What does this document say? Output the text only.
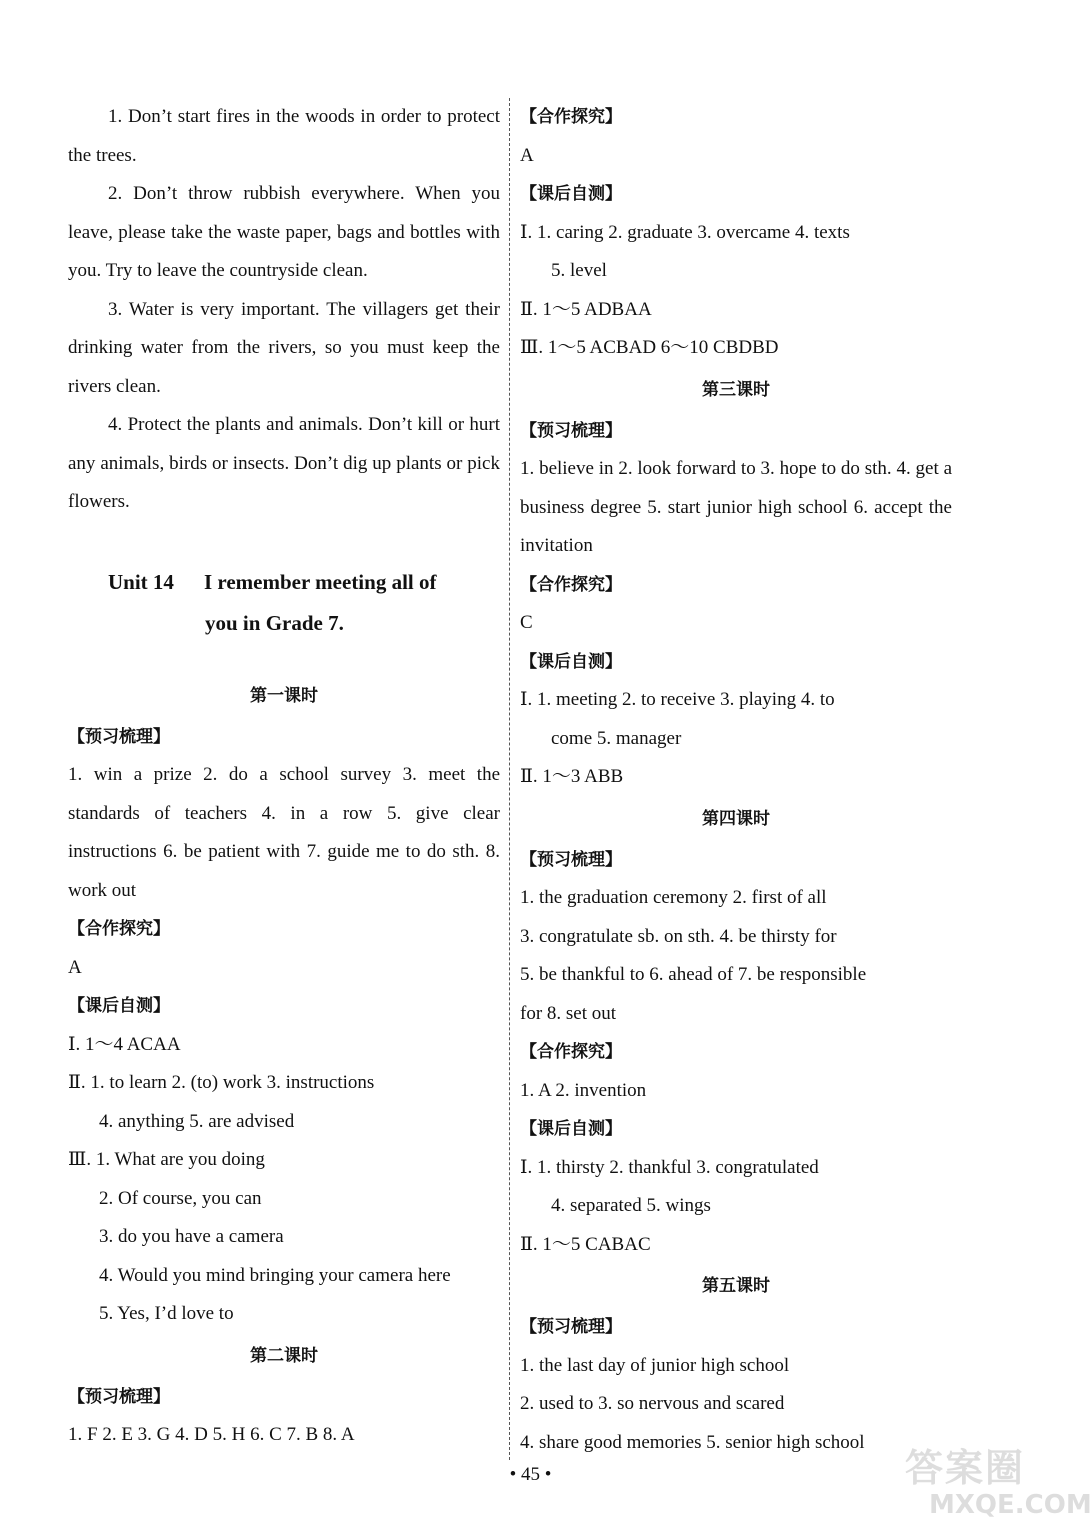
1. Don’t start fires in the woods in order to protect the trees.
2. Don’t throw rubbish everywhere. When you leave, please take the waste paper, bags and bottles with you. Try to leave the countryside clean.
3. Water is very important. The villagers get their drinking water from the rivers, so you must keep the rivers clean.
4. Protect the plants and animals. Don’t kill or hurt any animals, birds or insects. Don’t dig up plants or pick flowers.
Unit 14 I remember meeting all of
you in Grade 7.
第一课时
【预习梳理】
1. win a prize 2. do a school survey 3. meet the standards of teachers 4. in a row 5. give clear instructions 6. be patient with 7. guide me to do sth. 8. work out
【合作探究】
A
【课后自测】
Ⅰ. 1～4 ACAA
Ⅱ. 1. to learn 2. (to) work 3. instructions
4. anything 5. are advised
Ⅲ. 1. What are you doing
2. Of course, you can
3. do you have a camera
4. Would you mind bringing your camera here
5. Yes, I’d love to
第二课时
【预习梳理】
1. F 2. E 3. G 4. D 5. H 6. C 7. B 8. A
【合作探究】
A
【课后自测】
Ⅰ. 1. caring 2. graduate 3. overcame 4. texts
5. level
Ⅱ. 1～5 ADBAA
Ⅲ. 1～5 ACBAD 6～10 CBDBD
第三课时
【预习梳理】
1. believe in 2. look forward to 3. hope to do sth. 4. get a business degree 5. start junior high school 6. accept the invitation
【合作探究】
C
【课后自测】
Ⅰ. 1. meeting 2. to receive 3. playing 4. to
come 5. manager
Ⅱ. 1～3 ABB
第四课时
【预习梳理】
1. the graduation ceremony 2. first of all
3. congratulate sb. on sth. 4. be thirsty for
5. be thankful to 6. ahead of 7. be responsible
for 8. set out
【合作探究】
1. A 2. invention
【课后自测】
Ⅰ. 1. thirsty 2. thankful 3. congratulated
4. separated 5. wings
Ⅱ. 1～5 CABAC
第五课时
【预习梳理】
1. the last day of junior high school
2. used to 3. so nervous and scared
4. share good memories 5. senior high school
• 45 •	答案圈
MXQE.COM
